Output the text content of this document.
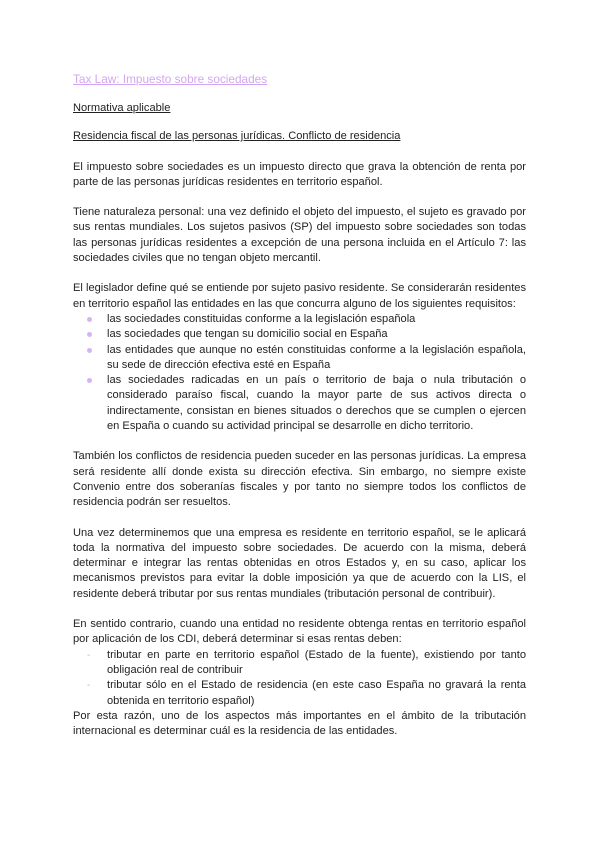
Tax Law: Impuesto sobre sociedades
Normativa aplicable
Residencia fiscal de las personas jurídicas. Conflicto de residencia

El impuesto sobre sociedades es un impuesto directo que grava la obtención de renta por parte de las personas jurídicas residentes en territorio español.

Tiene naturaleza personal: una vez definido el objeto del impuesto, el sujeto es gravado por sus rentas mundiales. Los sujetos pasivos (SP) del impuesto sobre sociedades son todas las personas jurídicas residentes a excepción de una persona incluida en el Artículo 7: las sociedades civiles que no tengan objeto mercantil.

El legislador define qué se entiende por sujeto pasivo residente. Se considerarán residentes en territorio español las entidades en las que concurra alguno de los siguientes requisitos:

las sociedades constituidas conforme a la legislación española
las sociedades que tengan su domicilio social en España
las entidades que aunque no estén constituidas conforme a la legislación española, su sede de dirección efectiva esté en España
las sociedades radicadas en un país o territorio de baja o nula tributación o considerado paraíso fiscal, cuando la mayor parte de sus activos directa o indirectamente, consistan en bienes situados o derechos que se cumplen o ejercen en España o cuando su actividad principal se desarrolle en dicho territorio.

También los conflictos de residencia pueden suceder en las personas jurídicas. La empresa será residente allí donde exista su dirección efectiva. Sin embargo, no siempre existe Convenio entre dos soberanías fiscales y por tanto no siempre todos los conflictos de residencia podrán ser resueltos.

Una vez determinemos que una empresa es residente en territorio español, se le aplicará toda la normativa del impuesto sobre sociedades. De acuerdo con la misma, deberá determinar e integrar las rentas obtenidas en otros Estados y, en su caso, aplicar los mecanismos previstos para evitar la doble imposición ya que de acuerdo con la LIS, el residente deberá tributar por sus rentas mundiales (tributación personal de contribuir).

En sentido contrario, cuando una entidad no residente obtenga rentas en territorio español por aplicación de los CDI, deberá determinar si esas rentas deben:

- tributar en parte en territorio español (Estado de la fuente), existiendo por tanto obligación real de contribuir
- tributar sólo en el Estado de residencia (en este caso España no gravará la renta obtenida en territorio español)

Por esta razón, uno de los aspectos más importantes en el ámbito de la tributación internacional es determinar cuál es la residencia de las entidades.
